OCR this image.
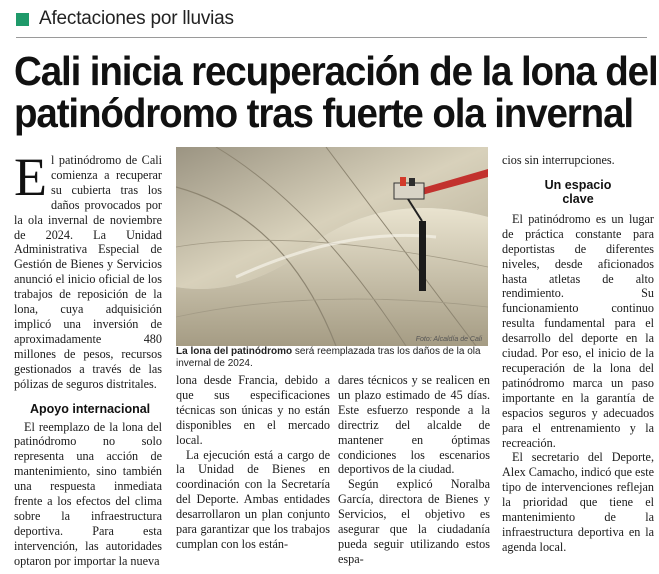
Afectaciones por lluvias
Cali inicia recuperación de la lona del
patinódromo tras fuerte ola invernal

El patinódromo de Cali comienza a recuperar su cubierta tras los daños provocados por la ola invernal de noviembre de 2024. La Unidad Administrativa Especial de Gestión de Bienes y Servicios anunció el inicio oficial de los trabajos de reposición de la lona, cuya adquisición implicó una inversión de aproximadamente 480 millones de pesos, recursos gestionados a través de las pólizas de seguros distritales.

Apoyo internacional

El reemplazo de la lona del patinódromo no solo representa una acción de mantenimiento, sino también una respuesta inmediata frente a los efectos del clima sobre la infraestructura deportiva. Para esta intervención, las autoridades optaron por importar la nueva

Foto: Alcaldía de Cali
La lona del patinódromo será reemplazada tras los daños de la ola invernal de 2024.

lona desde Francia, debido a que sus especificaciones técnicas son únicas y no están disponibles en el mercado local.

La ejecución está a cargo de la Unidad de Bienes en coordinación con la Secretaría del Deporte. Ambas entidades desarrollaron un plan conjunto para garantizar que los trabajos cumplan con los están-

dares técnicos y se realicen en un plazo estimado de 45 días. Este esfuerzo responde a la directriz del alcalde de mantener en óptimas condiciones los escenarios deportivos de la ciudad.

Según explicó Noralba García, directora de Bienes y Servicios, el objetivo es asegurar que la ciudadanía pueda seguir utilizando estos espa-

cios sin interrupciones.

Un espacio
clave

El patinódromo es un lugar de práctica constante para deportistas de diferentes niveles, desde aficionados hasta atletas de alto rendimiento. Su funcionamiento continuo resulta fundamental para el desarrollo del deporte en la ciudad. Por eso, el inicio de la recuperación de la lona del patinódromo marca un paso importante en la garantía de espacios seguros y adecuados para el entrenamiento y la recreación.

El secretario del Deporte, Alex Camacho, indicó que este tipo de intervenciones reflejan la prioridad que tiene el mantenimiento de la infraestructura deportiva en la agenda local.
